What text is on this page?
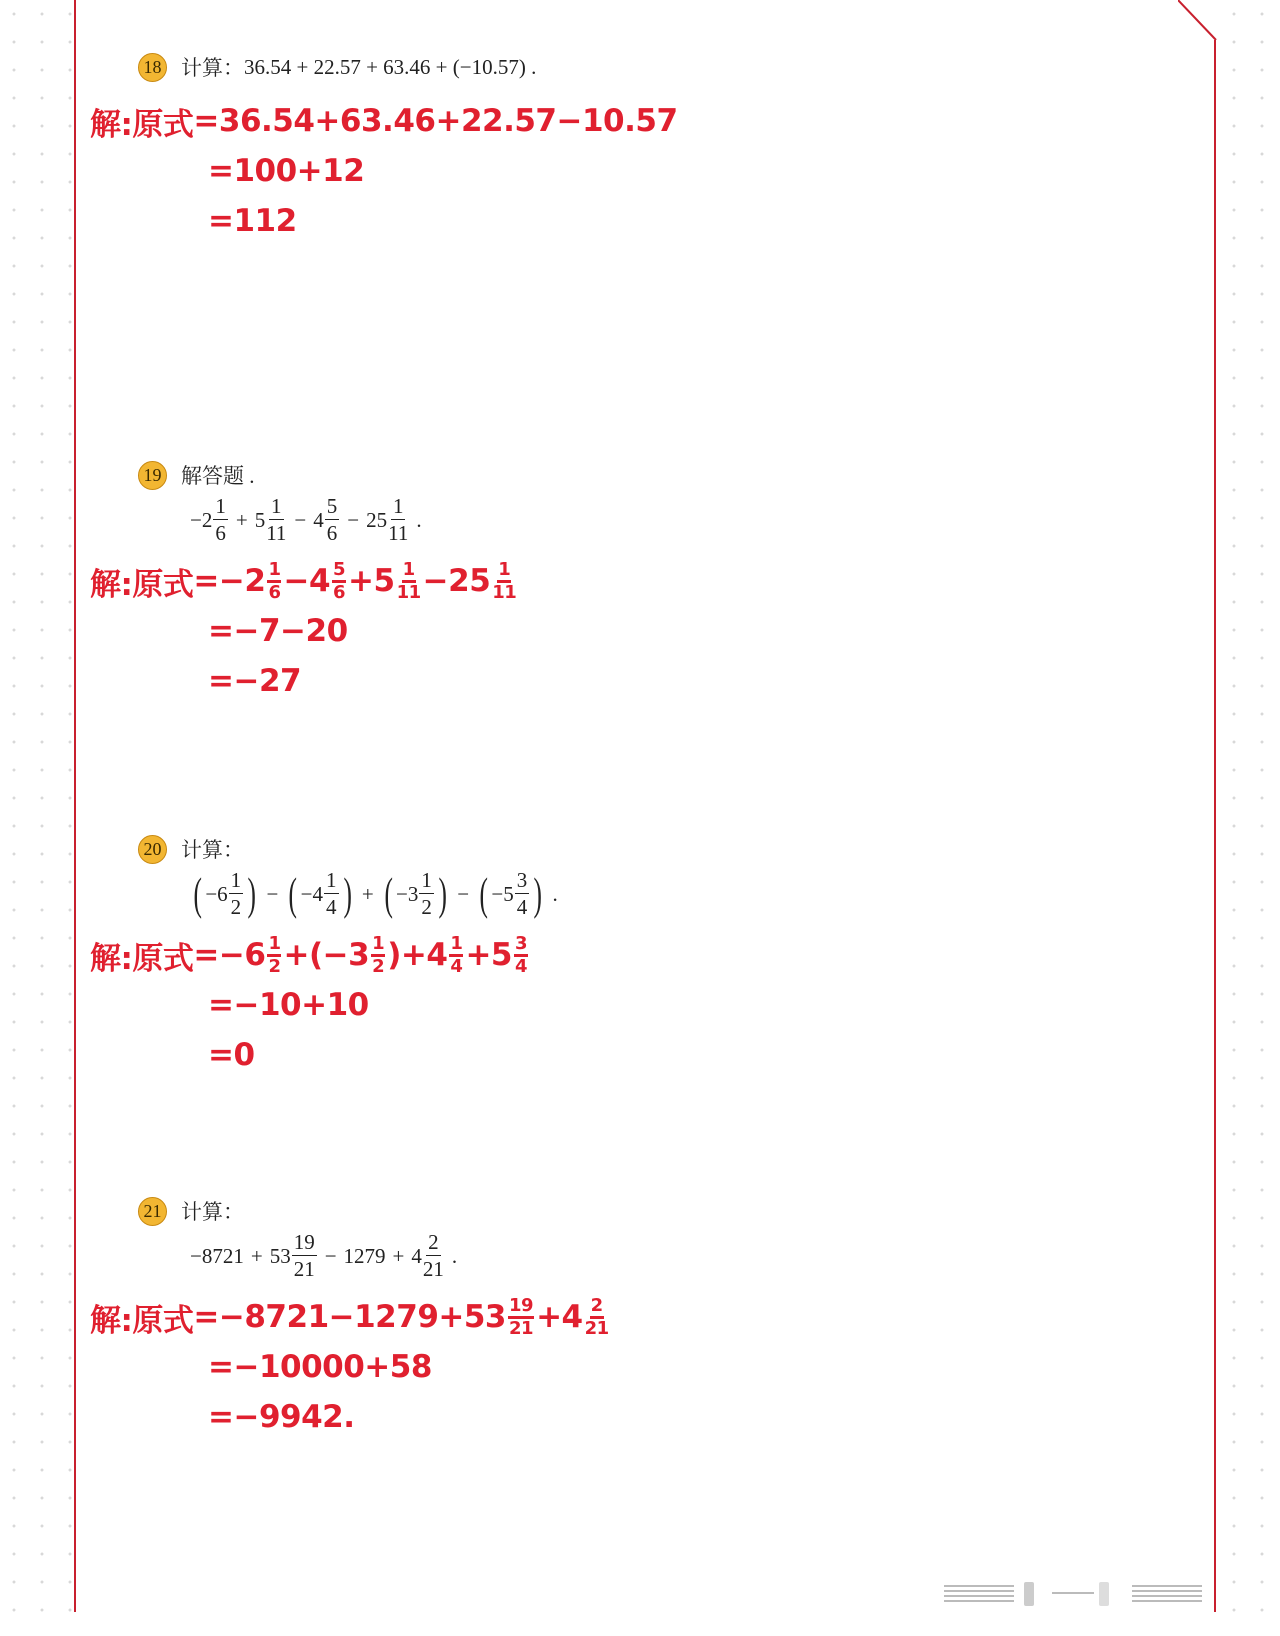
18 计算： 36.54 + 22.57 + 63.46 + (−10.57) .
解:原式 =36.54+63.46+22.57−10.57
=100+12
=112
19 解答题 .
$-2 \frac{1}{6} + 5 \frac{1}{11} - 4 \frac{5}{6} - 25 \frac{1}{11}$ .
解:原式 =−2 1
6 −4 5
6 +5 1
11 −25 1
11
=−7−20
=−27
20 计算：
( $-6 \frac{1}{2}$ ) − ( $-4 \frac{1}{4}$ ) + ( $-3 \frac{1}{2}$ ) − ( $-5 \frac{3}{4}$ ) .
解:原式 =−6 1
2 +(−3 1
2 )+4 1
4 +5 3
4
=−10+10
=0
21 计算：
$-8721 + 53 \frac{19}{21} - 1279 + 4 \frac{2}{21}$ .
解:原式 =−8721−1279+53 19
21 +4 2
21
=−10000+58
=−9942.
